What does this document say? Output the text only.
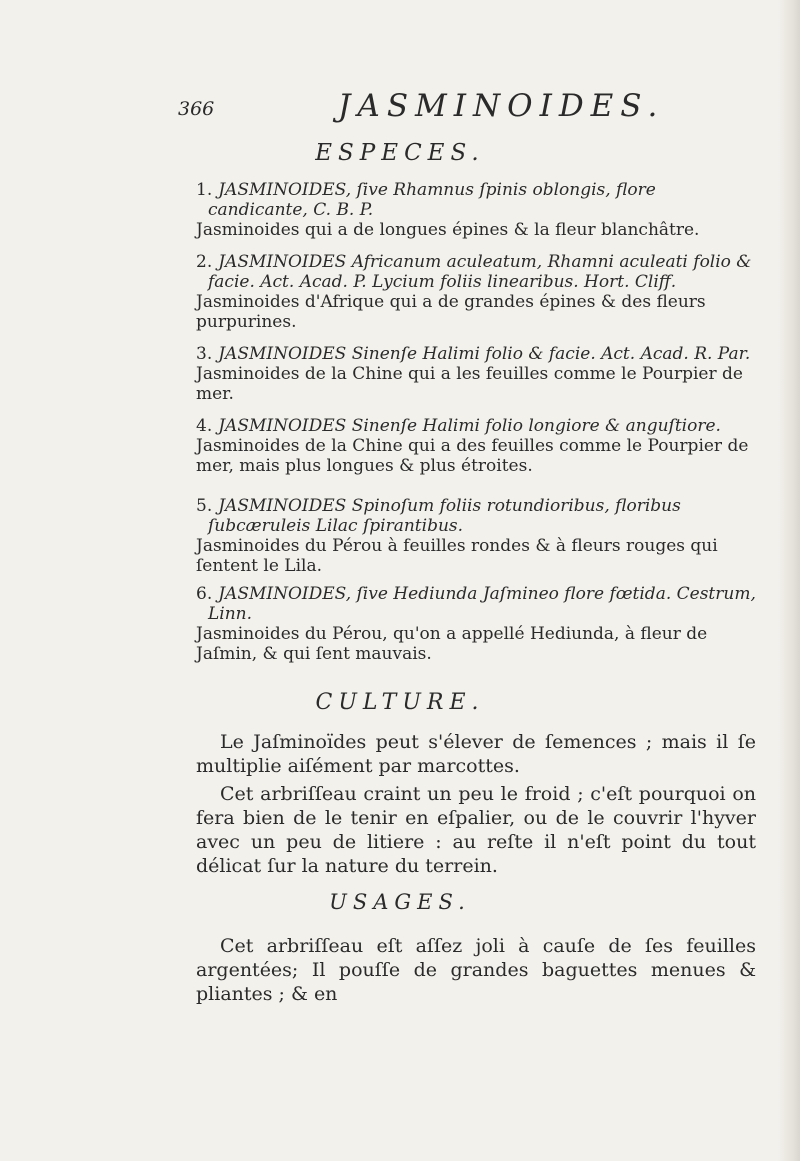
366	JASMINOIDES.
ESPECES.

1. JASMINOIDES, ſive Rhamnus ſpinis oblongis, flore candicante, C. B. P.

Jasminoides qui a de longues épines & la fleur blanchâtre.

2. JASMINOIDES Africanum aculeatum, Rhamni aculeati folio & facie. Act. Acad. P. Lycium foliis linearibus. Hort. Cliff.

Jasminoides d'Afrique qui a de grandes épines & des fleurs purpurines.

3. JASMINOIDES Sinenſe Halimi folio & facie. Act. Acad. R. Par.

Jasminoides de la Chine qui a les feuilles comme le Pourpier de mer.

4. JASMINOIDES Sinenſe Halimi folio longiore & anguſtiore.

Jasminoides de la Chine qui a des feuilles comme le Pourpier de mer, mais plus longues & plus étroites.

5. JASMINOIDES Spinoſum foliis rotundioribus, floribus ſubcæruleis Lilac ſpirantibus.

Jasminoides du Pérou à feuilles rondes & à fleurs rouges qui ſentent le Lila.

6. JASMINOIDES, ſive Hediunda Jaſmineo flore fœtida. Cestrum, Linn.

Jasminoides du Pérou, qu'on a appellé Hediunda, à fleur de Jaſmin, & qui ſent mauvais.

CULTURE.

Le Jaſminoïdes peut s'élever de ſemences ; mais il ſe multiplie aiſément par marcottes.

Cet arbriſſeau craint un peu le froid ; c'eſt pourquoi on fera bien de le tenir en eſpalier, ou de le couvrir l'hyver avec un peu de litiere : au reſte il n'eſt point du tout délicat ſur la nature du terrein.

USAGES.

Cet arbriſſeau eſt aſſez joli à cauſe de ſes feuilles argentées; Il pouſſe de grandes baguettes menues & pliantes ; & en
